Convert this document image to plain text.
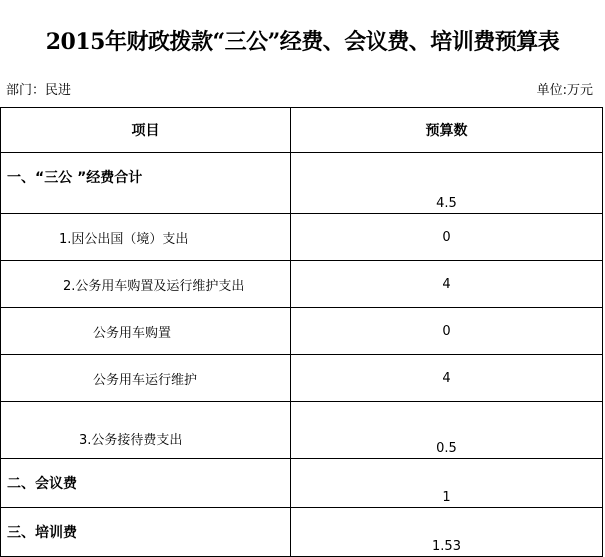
2015年财政拨款“三公”经费、会议费、培训费预算表
部门：民进	单位:万元
项目	预算数
一、“三公 ”经费合计	4.5
1.因公出国（境）支出	0
2.公务用车购置及运行维护支出	4
公务用车购置	0
公务用车运行维护	4
3.公务接待费支出	0.5
二、会议费	1
三、培训费	1.53
